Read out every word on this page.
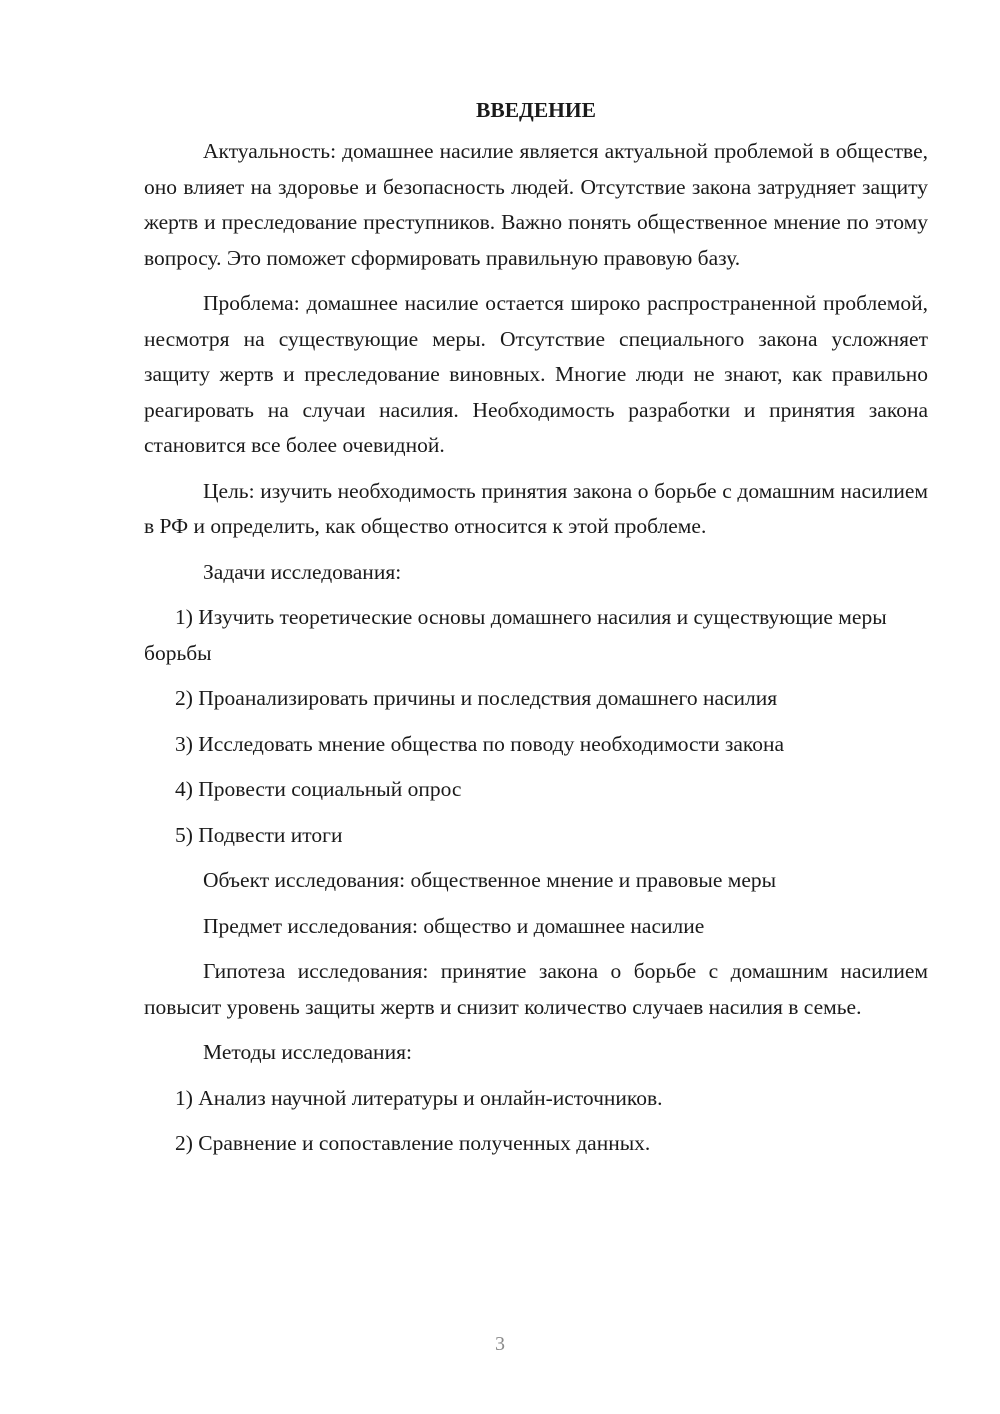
ВВЕДЕНИЕ

Актуальность: домашнее насилие является актуальной проблемой в обществе, оно влияет на здоровье и безопасность людей. Отсутствие закона затрудняет защиту жертв и преследование преступников. Важно понять общественное мнение по этому вопросу. Это поможет сформировать правильную правовую базу.

Проблема: домашнее насилие остается широко распространенной проблемой, несмотря на существующие меры. Отсутствие специального закона усложняет защиту жертв и преследование виновных. Многие люди не знают, как правильно реагировать на случаи насилия. Необходимость разработки и принятия закона становится все более очевидной.

Цель: изучить необходимость принятия закона о борьбе с домашним насилием в РФ и определить, как общество относится к этой проблеме.

Задачи исследования:

1) Изучить теоретические основы домашнего насилия и существующие меры борьбы

2) Проанализировать причины и последствия домашнего насилия

3) Исследовать мнение общества по поводу необходимости закона

4) Провести социальный опрос

5) Подвести итоги

Объект исследования: общественное мнение и правовые меры

Предмет исследования: общество и домашнее насилие

Гипотеза исследования: принятие закона о борьбе с домашним насилием повысит уровень защиты жертв и снизит количество случаев насилия в семье.

Методы исследования:

1) Анализ научной литературы и онлайн-источников.

2) Сравнение и сопоставление полученных данных.

3
